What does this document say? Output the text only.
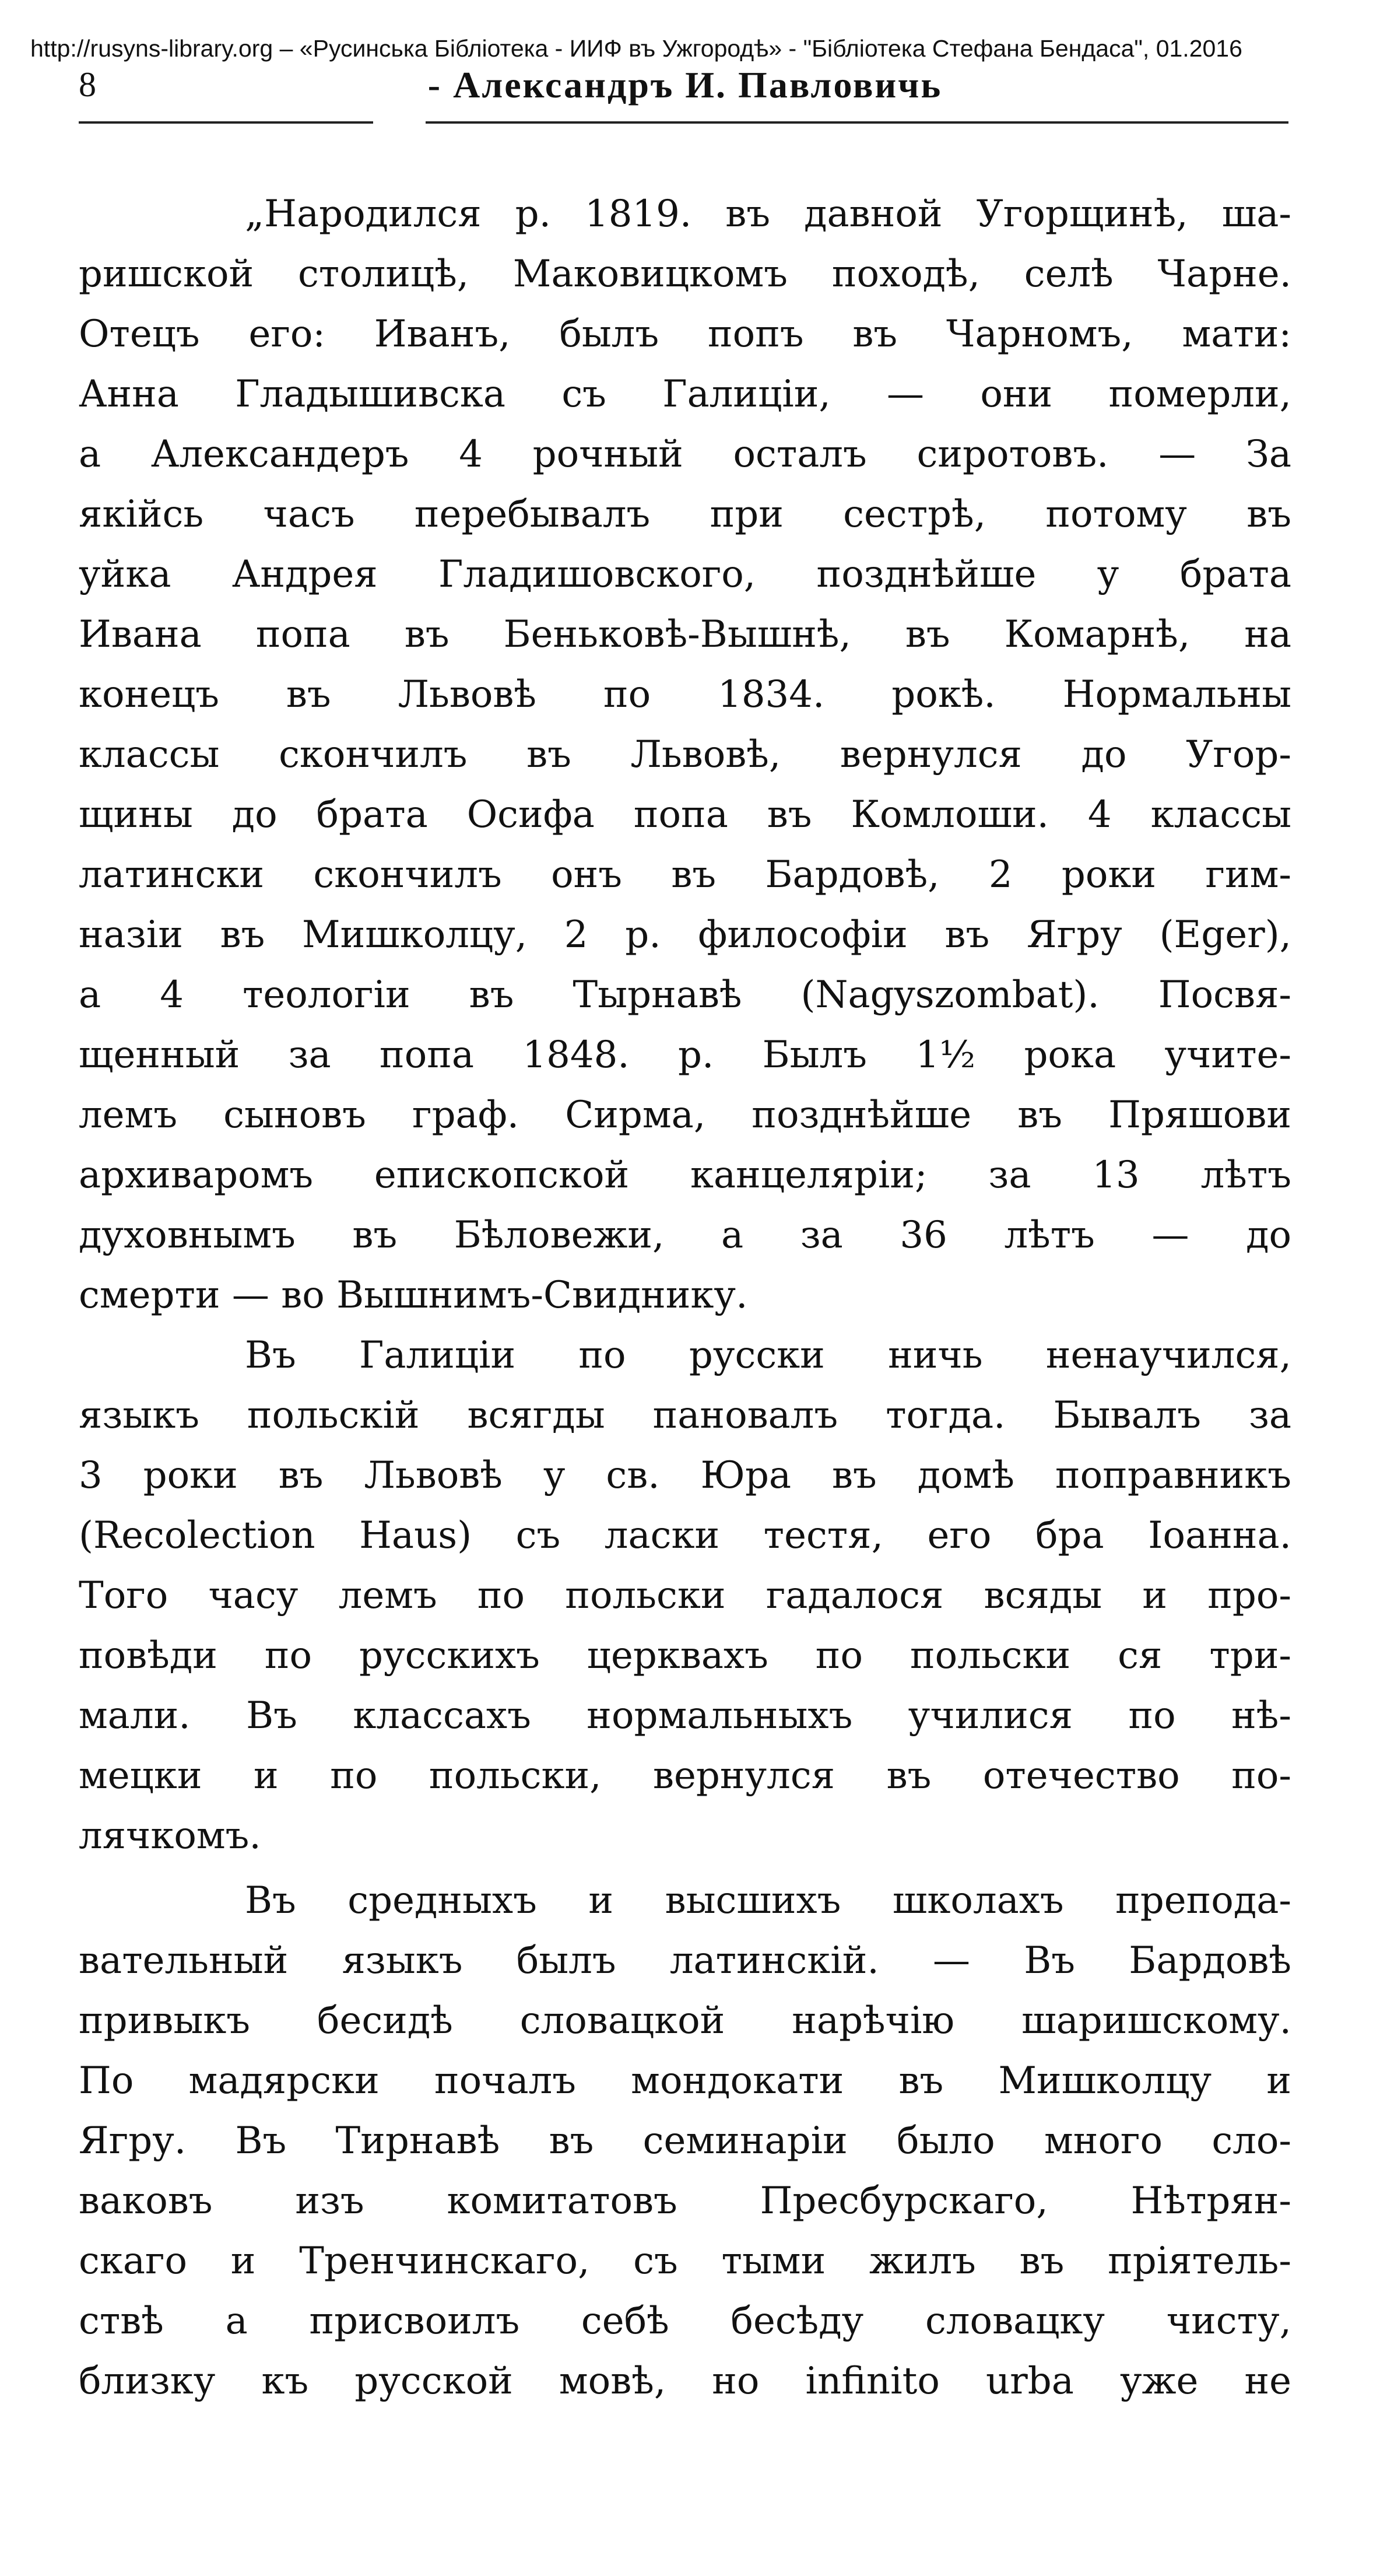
http://rusyns-library.org – «Русинська Бібліотека - ИИФ въ Ужгородѣ» - "Бібліотека Стефана Бендаса", 01.2016
8	- Александръ И. Павловичь
„Народился р. 1819. въ давной Угорщинѣ, ша-
ришской столицѣ, Маковицкомъ походѣ, селѣ Чарне.
Отецъ его: Иванъ, былъ попъ въ Чарномъ, мати:
Анна Гладышивска съ Галиціи, — они померли,
а Александеръ 4 рочный осталъ сиротовъ. — За
якійсь часъ перебывалъ при сестрѣ, потому въ
уйка Андрея Гладишовского, позднѣйше у брата
Ивана попа въ Беньковѣ-Вышнѣ, въ Комарнѣ, на
конецъ въ Львовѣ по 1834. рокѣ. Нормальны
классы скончилъ въ Львовѣ, вернулся до Угор-
щины до брата Осифа попа въ Комлоши. 4 классы
латински скончилъ онъ въ Бардовѣ, 2 роки гим-
назіи въ Мишколцу, 2 р. философіи въ Ягру (Eger),
а 4 теологіи въ Тырнавѣ (Nagyszombat). Посвя-
щенный за попа 1848. р. Былъ 1½ рока учите-
лемъ сыновъ граф. Сирма, позднѣйше въ Пряшови
архиваромъ епископской канцеляріи; за 13 лѣтъ
духовнымъ въ Бѣловежи, а за 36 лѣтъ — до
смерти — во Вышнимъ-Свиднику.
Въ Галиціи по русски ничь ненаучился,
языкъ польскій всягды пановалъ тогда. Бывалъ за
3 роки въ Львовѣ у св. Юра въ домѣ поправникъ
(Recolection Haus) съ ласки тестя, его бра Іоанна.
Того часу лемъ по польски гадалося всяды и про-
повѣди по русскихъ церквахъ по польски ся три-
мали. Въ классахъ нормальныхъ училися по нѣ-
мецки и по польски, вернулся въ отечество по-
лячкомъ.
Въ средныхъ и высшихъ школахъ препода-
вательный языкъ былъ латинскій. — Въ Бардовѣ
привыкъ бесидѣ словацкой нарѣчію шаришскому.
По мадярски почалъ мондокати въ Мишколцу и
Ягру. Въ Тирнавѣ въ семинаріи было много сло-
ваковъ изъ комитатовъ Пресбурскаго, Нѣтрян-
скаго и Тренчинскаго, съ тыми жилъ въ пріятель-
ствѣ а присвоилъ себѣ бесѣду словацку чисту,
близку къ русской мовѣ, но infinito urba уже не
